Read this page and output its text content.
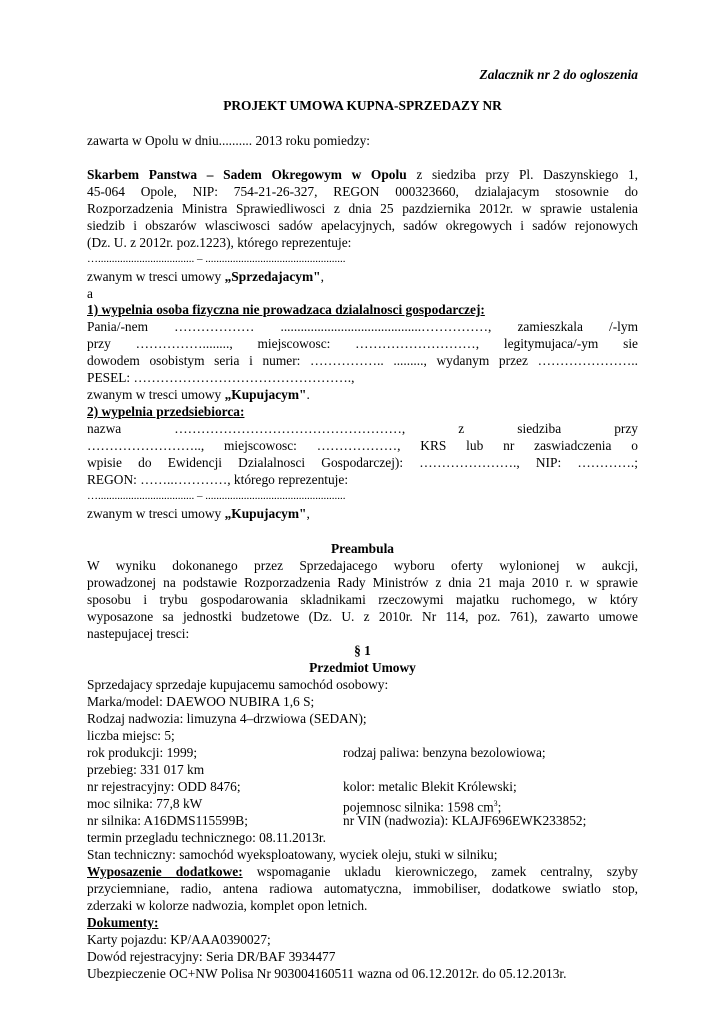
Zalacznik nr 2 do ogloszenia
PROJEKT UMOWA KUPNA-SPRZEDAZY NR
zawarta w Opolu w dniu.......... 2013 roku pomiedzy:
Skarbem Panstwa – Sadem Okregowym w Opolu z siedziba przy Pl. Daszynskiego 1,
45-064 Opole, NIP: 754-21-26-327, REGON 000323660, dzialajacym stosownie do
Rozporzadzenia Ministra Sprawiedliwosci z dnia 25 pazdziernika 2012r. w sprawie ustalenia
siedzib i obszarów wlasciwosci sadów apelacyjnych, sadów okregowych i sadów rejonowych
(Dz. U. z 2012r. poz.1223), którego reprezentuje:
…................................... – ...................................................
zwanym w tresci umowy „Sprzedajacym",
a
1) wypelnia osoba fizyczna nie prowadzaca dzialalnosci gospodarczej:
Pania/-nem ……………… ..........................................……………, zamieszkala /-lym
przy ……………........, miejscowosc: ………………………, legitymujaca/-ym sie
dowodem osobistym seria i numer: …………….. ........., wydanym przez …………………..
PESEL: ………………………………………….,
zwanym w tresci umowy „Kupujacym".
2) wypelnia przedsiebiorca:
nazwa ……………………………………………, z siedziba przy
…………………….., miejscowosc: ………………, KRS lub nr zaswiadczenia o
wpisie do Ewidencji Dzialalnosci Gospodarczej): …………………., NIP: ………….;
REGON: ……..…………, którego reprezentuje:
…................................... – ...................................................
zwanym w tresci umowy „Kupujacym",
Preambula
W wyniku dokonanego przez Sprzedajacego wyboru oferty wylonionej w aukcji,
prowadzonej na podstawie Rozporzadzenia Rady Ministrów z dnia 21 maja 2010 r. w sprawie
sposobu i trybu gospodarowania skladnikami rzeczowymi majatku ruchomego, w który
wyposazone sa jednostki budzetowe (Dz. U. z 2010r. Nr 114, poz. 761), zawarto umowe
nastepujacej tresci:
§ 1
Przedmiot Umowy
Sprzedajacy sprzedaje kupujacemu samochód osobowy:
Marka/model: DAEWOO NUBIRA 1,6 S;
Rodzaj nadwozia: limuzyna 4–drzwiowa (SEDAN);
liczba miejsc: 5;
rok produkcji: 1999;	rodzaj paliwa: benzyna bezolowiowa;
przebieg: 331 017 km
nr rejestracyjny: ODD 8476;	kolor: metalic Blekit Królewski;
moc silnika: 77,8 kW	pojemnosc silnika: 1598 $cm^3$;
nr silnika: A16DMS115599B;	nr VIN (nadwozia): KLAJF696EWK233852;
termin przegladu technicznego: 08.11.2013r.
Stan techniczny: samochód wyeksploatowany, wyciek oleju, stuki w silniku;
Wyposazenie dodatkowe: wspomaganie ukladu kierowniczego, zamek centralny, szyby
przyciemniane, radio, antena radiowa automatyczna, immobiliser, dodatkowe swiatlo stop,
zderzaki w kolorze nadwozia, komplet opon letnich.
Dokumenty:
Karty pojazdu: KP/AAA0390027;
Dowód rejestracyjny: Seria DR/BAF 3934477
Ubezpieczenie OC+NW Polisa Nr 903004160511 wazna od 06.12.2012r. do 05.12.2013r.
